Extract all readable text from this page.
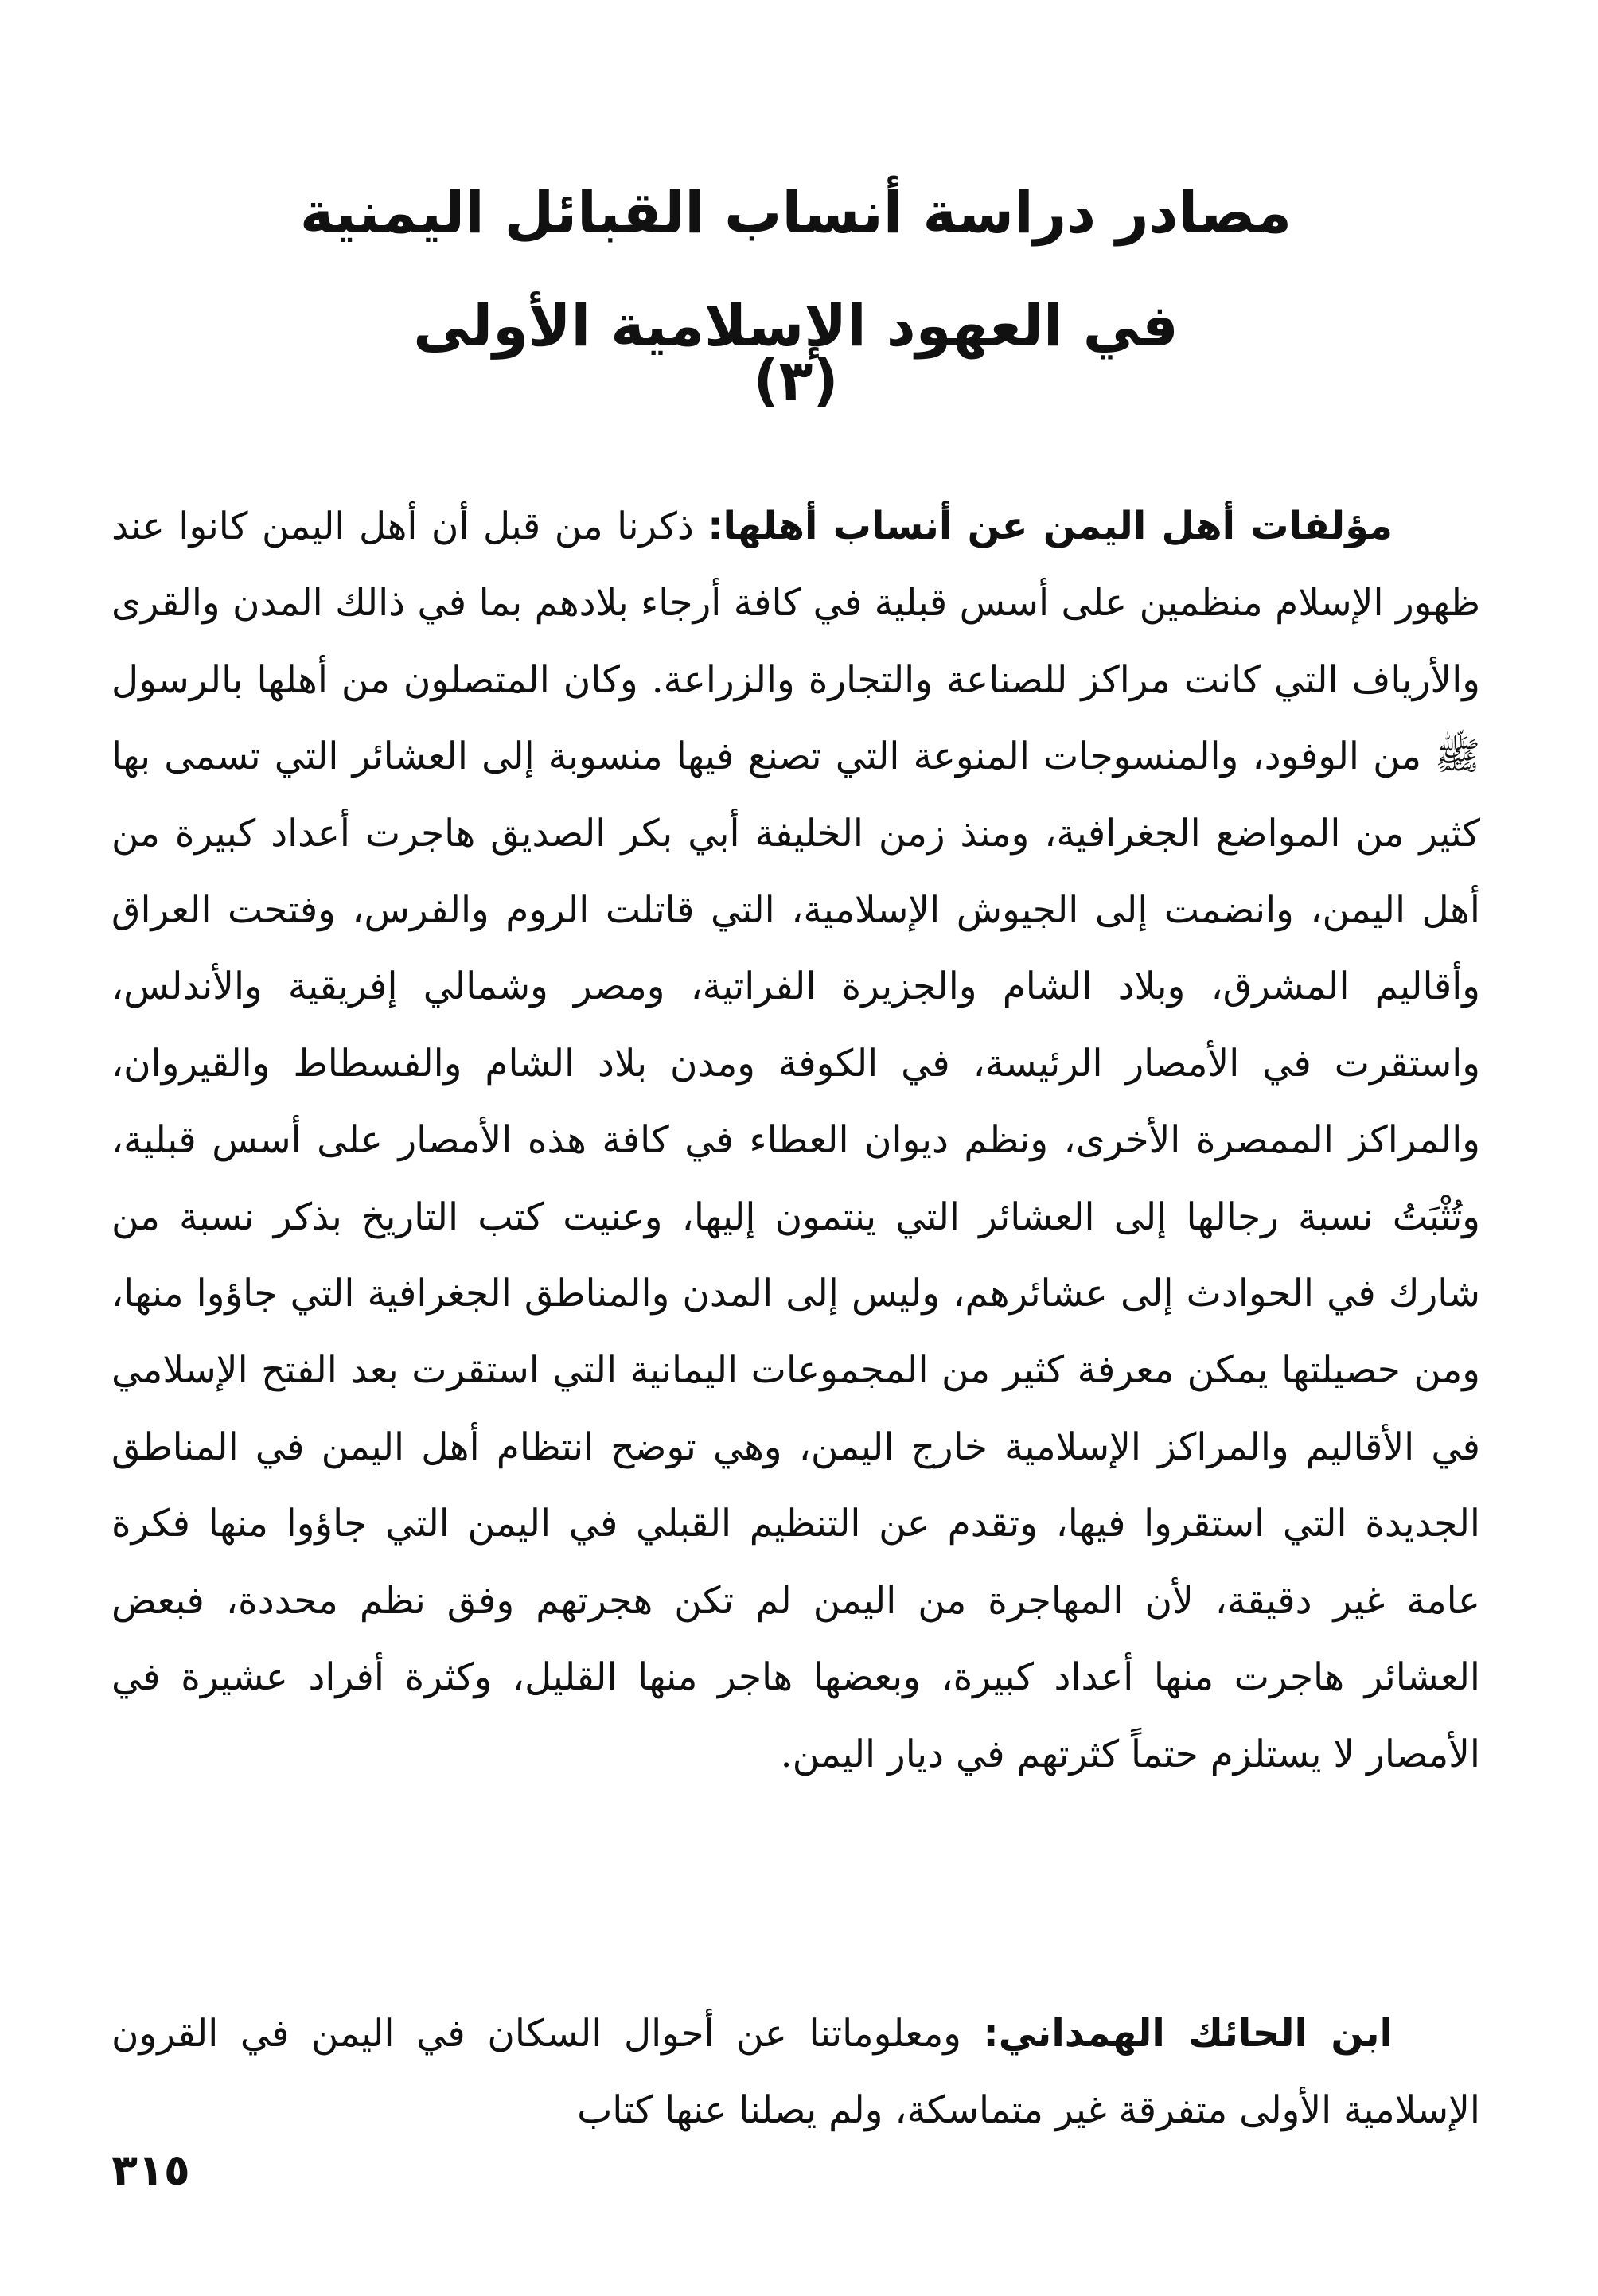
مصادر دراسة أنساب القبائل اليمنية
في العهود الإسلامية الأولى
(٣)

مؤلفات أهل اليمن عن أنساب أهلها: ذكرنا من قبل أن أهل اليمن كانوا عند ظهور الإسلام منظمين على أسس قبلية في كافة أرجاء بلادهم بما في ذالك المدن والقرى والأرياف التي كانت مراكز للصناعة والتجارة والزراعة. وكان المتصلون من أهلها بالرسول ﷺ من الوفود، والمنسوجات المنوعة التي تصنع فيها منسوبة إلى العشائر التي تسمى بها كثير من المواضع الجغرافية، ومنذ زمن الخليفة أبي بكر الصديق هاجرت أعداد كبيرة من أهل اليمن، وانضمت إلى الجيوش الإسلامية، التي قاتلت الروم والفرس، وفتحت العراق وأقاليم المشرق، وبلاد الشام والجزيرة الفراتية، ومصر وشمالي إفريقية والأندلس، واستقرت في الأمصار الرئيسة، في الكوفة ومدن بلاد الشام والفسطاط والقيروان، والمراكز الممصرة الأخرى، ونظم ديوان العطاء في كافة هذه الأمصار على أسس قبلية، وتُثْبَتُ نسبة رجالها إلى العشائر التي ينتمون إليها، وعنيت كتب التاريخ بذكر نسبة من شارك في الحوادث إلى عشائرهم، وليس إلى المدن والمناطق الجغرافية التي جاؤوا منها، ومن حصيلتها يمكن معرفة كثير من المجموعات اليمانية التي استقرت بعد الفتح الإسلامي في الأقاليم والمراكز الإسلامية خارج اليمن، وهي توضح انتظام أهل اليمن في المناطق الجديدة التي استقروا فيها، وتقدم عن التنظيم القبلي في اليمن التي جاؤوا منها فكرة عامة غير دقيقة، لأن المهاجرة من اليمن لم تكن هجرتهم وفق نظم محددة، فبعض العشائر هاجرت منها أعداد كبيرة، وبعضها هاجر منها القليل، وكثرة أفراد عشيرة في الأمصار لا يستلزم حتماً كثرتهم في ديار اليمن.

ابن الحائك الهمداني: ومعلوماتنا عن أحوال السكان في اليمن في القرون الإسلامية الأولى متفرقة غير متماسكة، ولم يصلنا عنها كتاب

٣١٥
